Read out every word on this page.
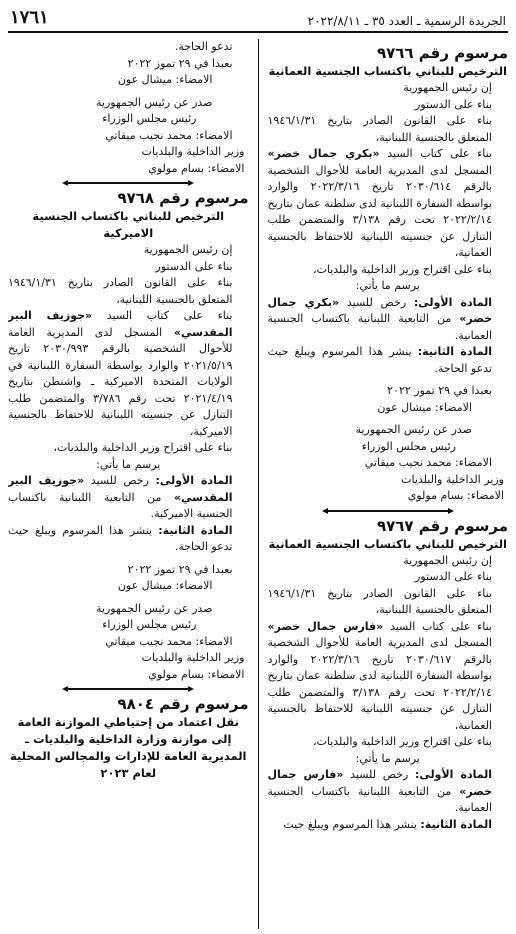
الجريدة الرسمية ـ العدد ٣٥ ـ ٢٠٢٢/٨/١١
١٧٦١
مرسوم رقم ٩٧٦٦
الترخيص للبناني باكتساب الجنسية العمانية
إن رئيس الجمهورية
بناء على الدستور
بناء على القانون الصادر بتاريخ ١٩٤٦/١/٣١ المتعلق بالجنسية اللبنانية،
بناء على كتاب السيد «بكري جمال خضر» المسجل لدى المديرية العامة للأحوال الشخصية بالرقم ٢٠٣٠/٦١٤ تاريخ ٢٠٢٢/٣/١٦ والوارد بواسطة السفارة اللبنانية لدى سلطنة عمان بتاريخ ٢٠٢٢/٢/١٤ تحت رقم ٣/١٣٨ والمتضمن طلب التنازل عن جنسيته اللبنانية للاحتفاظ بالجنسية العمانية،
بناء على اقتراح وزير الداخلية والبلديات،
يرسم ما يأتي:
المادة الأولى: رخص للسيد «بكري جمال خضر» من التابعية اللبنانية باكتساب الجنسية العمانية.
المادة الثانية: ينشر هذا المرسوم ويبلغ حيث تدعو الحاجة.
بعبدا في ٢٩ تموز ٢٠٢٢
الامضاء: ميشال عون
صدر عن رئيس الجمهورية
رئيس مجلس الوزراء
الامضاء: محمد نجيب ميقاتي
وزير الداخلية والبلديات
الامضاء: بسام مولوي
مرسوم رقم ٩٧٦٧
الترخيص للبناني باكتساب الجنسية العمانية
إن رئيس الجمهورية
بناء على الدستور
بناء على القانون الصادر بتاريخ ١٩٤٦/١/٣١ المتعلق بالجنسية اللبنانية،
بناء على كتاب السيد «فارس جمال خضر» المسجل لدى المديرية العامة للأحوال الشخصية بالرقم ٢٠٣٠/٦١٧ تاريخ ٢٠٢٢/٣/١٦ والوارد بواسطة السفارة اللبنانية لدى سلطنة عمان بتاريخ ٢٠٢٢/٢/١٤ تحت رقم ٣/١٣٨ والمتضمن طلب التنازل عن جنسيته اللبنانية للاحتفاظ بالجنسية العمانية،
بناء على اقتراح وزير الداخلية والبلديات،
يرسم ما يأتي:
المادة الأولى: رخص للسيد «فارس جمال خضر» من التابعية اللبنانية باكتساب الجنسية العمانية.
المادة الثانية: ينشر هذا المرسوم ويبلغ حيث
تدعو الحاجة.
بعبدا في ٢٩ تموز ٢٠٢٢
الامضاء: ميشال عون
صدر عن رئيس الجمهورية
رئيس مجلس الوزراء
الامضاء: محمد نجيب ميقاتي
وزير الداخلية والبلديات
الامضاء: بسام مولوي
مرسوم رقم ٩٧٦٨
الترخيص للبناني باكتساب الجنسية الاميركية
إن رئيس الجمهورية
بناء على الدستور
بناء على القانون الصادر بتاريخ ١٩٤٦/١/٣١ المتعلق بالجنسية اللبنانية،
بناء على كتاب السيد «جوزيف البير المقدسي» المسجل لدى المديرية العامة للأحوال الشخصية بالرقم ٢٠٣٠/٩٩٣ تاريخ ٢٠٢١/٥/١٩ والوارد بواسطة السفارة اللبنانية في الولايات المتحدة الاميركية ـ واشنطن بتاريخ ٢٠٢١/٤/١٩ تحت رقم ٣/٧٨٦ والمتضمن طلب التنازل عن جنسيته اللبنانية للاحتفاظ بالجنسية الاميركية،
بناء على اقتراح وزير الداخلية والبلديات،
يرسم ما يأتي:
المادة الأولى: رخص للسيد «جوزيف البير المقدسي» من التابعية اللبنانية باكتساب الجنسية الاميركية.
المادة الثانية: ينشر هذا المرسوم ويبلغ حيث تدعو الحاجة.
بعبدا في ٢٩ تموز ٢٠٢٢
الامضاء: ميشال عون
صدر عن رئيس الجمهورية
رئيس مجلس الوزراء
الامضاء: محمد نجيب ميقاتي
وزير الداخلية والبلديات
الامضاء: بسام مولوي
مرسوم رقم ٩٨٠٤
نقل اعتماد من إحتياطي الموازنة العامة إلى موازنة وزارة الداخلية والبلديات ـ المديرية العامة للإدارات والمجالس المحلية لعام ٢٠٢٣
